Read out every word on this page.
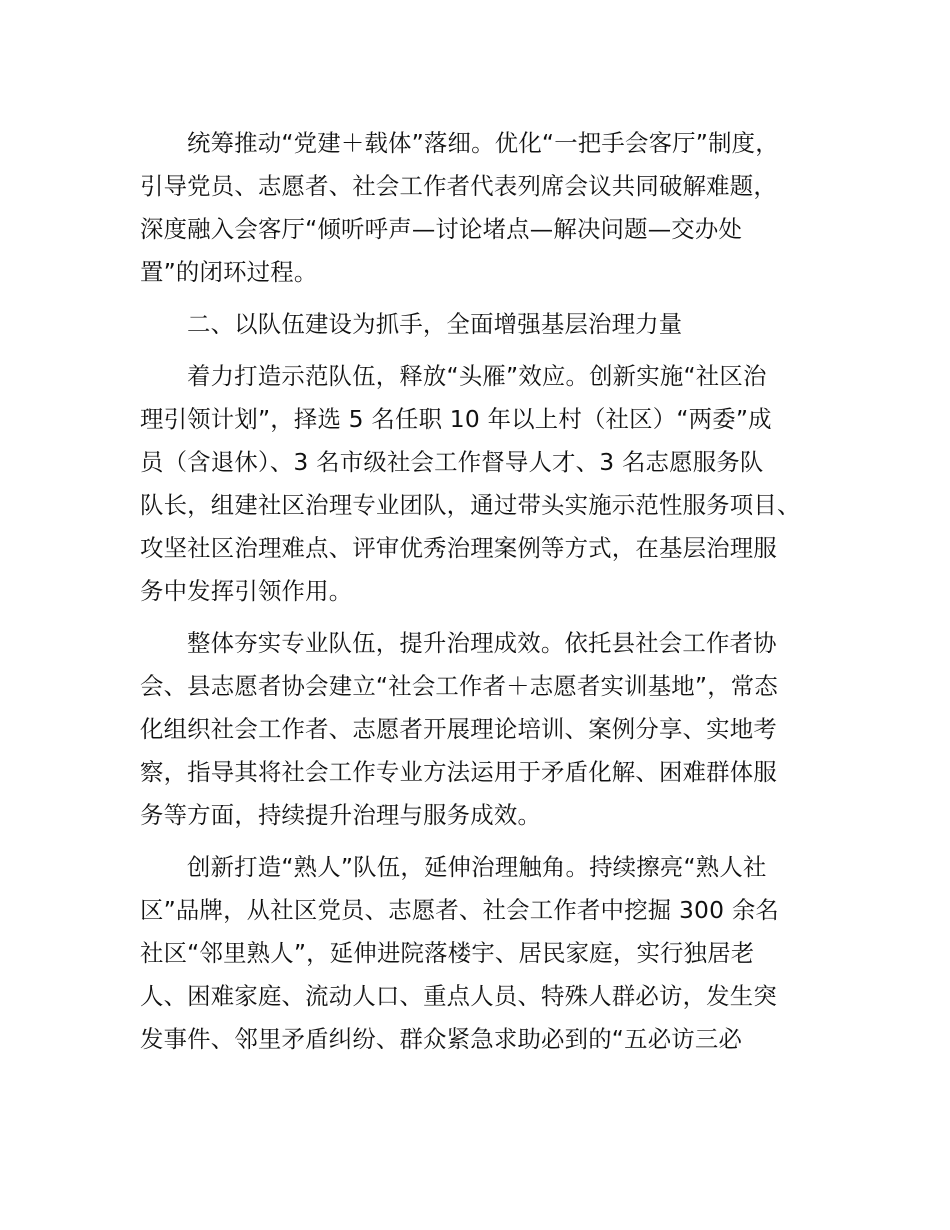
统筹推动“党建＋载体”落细。优化“一把手会客厅”制度，
引导党员、志愿者、社会工作者代表列席会议共同破解难题，
深度融入会客厅“倾听呼声—讨论堵点—解决问题—交办处
置”的闭环过程。
二、以队伍建设为抓手，全面增强基层治理力量
着力打造示范队伍，释放“头雁”效应。创新实施“社区治
理引领计划”，择选 5 名任职 10 年以上村（社区）“两委”成
员（含退休）、3 名市级社会工作督导人才、3 名志愿服务队
队长，组建社区治理专业团队，通过带头实施示范性服务项目、
攻坚社区治理难点、评审优秀治理案例等方式，在基层治理服
务中发挥引领作用。
整体夯实专业队伍，提升治理成效。依托县社会工作者协
会、县志愿者协会建立“社会工作者＋志愿者实训基地”，常态
化组织社会工作者、志愿者开展理论培训、案例分享、实地考
察，指导其将社会工作专业方法运用于矛盾化解、困难群体服
务等方面，持续提升治理与服务成效。
创新打造“熟人”队伍，延伸治理触角。持续擦亮“熟人社
区”品牌，从社区党员、志愿者、社会工作者中挖掘 300 余名
社区“邻里熟人”，延伸进院落楼宇、居民家庭，实行独居老
人、困难家庭、流动人口、重点人员、特殊人群必访，发生突
发事件、邻里矛盾纠纷、群众紧急求助必到的“五必访三必
